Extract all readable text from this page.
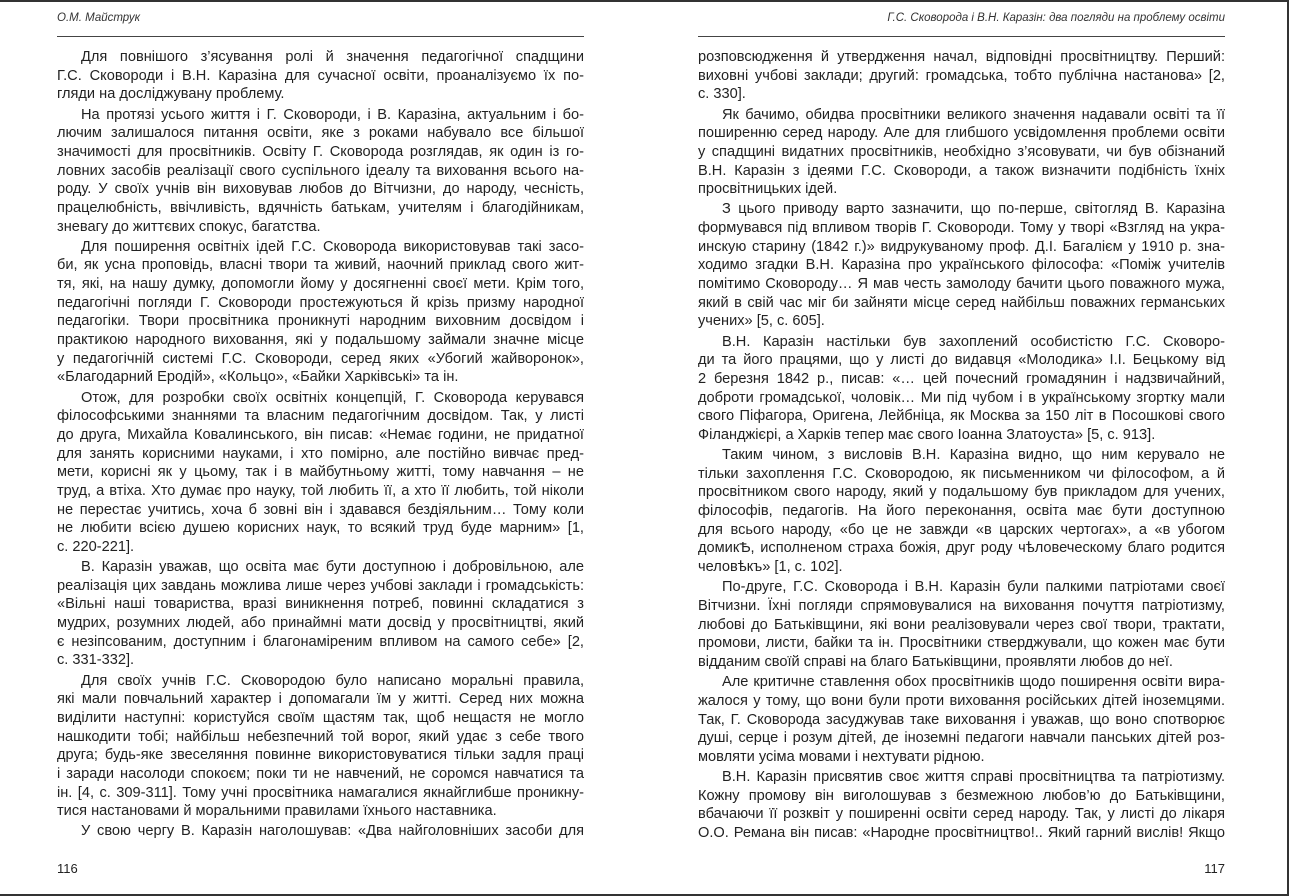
О.М. Майструк
Для повнішого з’ясування ролі й значення педагогічної спадщини
Г.С. Сковороди і В.Н. Каразіна для сучасної освіти, проаналізуємо їх по-
гляди на досліджувану проблему.
На протязі усього життя і Г. Сковороди, і В. Каразіна, актуальним і бо-
лючим залишалося питання освіти, яке з роками набувало все більшої
значимості для просвітників. Освіту Г. Сковорода розглядав, як один із го-
ловних засобів реалізації свого суспільного ідеалу та виховання всього на-
роду. У своїх учнів він виховував любов до Вітчизни, до народу, чесність,
працелюбність, ввічливість, вдячність батькам, учителям і благодійникам,
зневагу до життєвих спокус, багатства.
Для поширення освітніх ідей Г.С. Сковорода використовував такі засо-
би, як усна проповідь, власні твори та живий, наочний приклад свого жит-
тя, які, на нашу думку, допомогли йому у досягненні своєї мети. Крім того,
педагогічні погляди Г. Сковороди простежуються й крізь призму народної
педагогіки. Твори просвітника проникнуті народним виховним досвідом і
практикою народного виховання, які у подальшому займали значне місце
у педагогічній системі Г.С. Сковороди, серед яких «Убогий жайворонок»,
«Благодарний Еродій», «Кольцо», «Байки Харківські» та ін.
Отож, для розробки своїх освітніх концепцій, Г. Сковорода керувався
філософськими знаннями та власним педагогічним досвідом. Так, у листі
до друга, Михайла Ковалинського, він писав: «Немає години, не придатної
для занять корисними науками, і хто помірно, але постійно вивчає пред-
мети, корисні як у цьому, так і в майбутньому житті, тому навчання – не
труд, а втіха. Хто думає про науку, той любить її, а хто її любить, той ніколи
не перестає учитись, хоча б зовні він і здавався бездіяльним… Тому коли
не любити всією душею корисних наук, то всякий труд буде марним» [1,
с. 220-221].
В. Каразін уважав, що освіта має бути доступною і добровільною, але
реалізація цих завдань можлива лише через учбові заклади і громадськість:
«Вільні наші товариства, вразі виникнення потреб, повинні складатися з
мудрих, розумних людей, або принаймні мати досвід у просвітництві, який
є незіпсованим, доступним і благонаміреним впливом на самого себе» [2,
с. 331-332].
Для своїх учнів Г.С. Сковородою було написано моральні правила,
які мали повчальний характер і допомагали їм у житті. Серед них можна
виділити наступні: користуйся своїм щастям так, щоб нещастя не могло
нашкодити тобі; найбільш небезпечний той ворог, який удає з себе твого
друга; будь-яке звеселяння повинне використовуватися тільки задля праці
і заради насолоди спокоєм; поки ти не навчений, не соромся навчатися та
ін. [4, с. 309-311]. Тому учні просвітника намагалися якнайглибше проникну-
тися настановами й моральними правилами їхнього наставника.
У свою чергу В. Каразін наголошував: «Два найголовніших засоби для
116
Г.С. Сковорода і В.Н. Каразін: два погляди на проблему освіти
розповсюдження й утвердження начал, відповідні просвітництву. Перший:
виховні учбові заклади; другий: громадська, тобто публічна настанова» [2,
с. 330].
Як бачимо, обидва просвітники великого значення надавали освіті та її
поширенню серед народу. Але для глибшого усвідомлення проблеми освіти
у спадщині видатних просвітників, необхідно з’ясовувати, чи був обізнаний
В.Н. Каразін з ідеями Г.С. Сковороди, а також визначити подібність їхніх
просвітницьких ідей.
З цього приводу варто зазначити, що по-перше, світогляд В. Каразіна
формувався під впливом творів Г. Сковороди. Тому у творі «Взгляд на укра-
инскую старину (1842 г.)» видрукуваному проф. Д.І. Багалієм у 1910 р. зна-
ходимо згадки В.Н. Каразіна про українського філософа: «Поміж учителів
помітимо Сковороду… Я мав честь замолоду бачити цього поважного мужа,
який в свій час міг би зайняти місце серед найбільш поважних германських
учених» [5, с. 605].
В.Н. Каразін настільки був захоплений особистістю Г.С. Сковоро-
ди та його працями, що у листі до видавця «Молодика» І.І. Бецькому від
2 березня 1842 р., писав: «… цей почесний громадянин і надзвичайний,
доброти громадської, чоловік… Ми під чубом і в українському згортку мали
свого Піфагора, Оригена, Лейбніца, як Москва за 150 літ в Посошкові свого
Філанджієрі, а Харків тепер має свого Іоанна Златоуста» [5, с. 913].
Таким чином, з висловів В.Н. Каразіна видно, що ним керувало не
тільки захоплення Г.С. Сковородою, як письменником чи філософом, а й
просвітником свого народу, який у подальшому був прикладом для учених,
філософів, педагогів. На його переконання, освіта має бути доступною
для всього народу, «бо це не завжди «в царских чертогах», а «в убогом
домикѢ, исполненом страха божія, друг роду чѣловеческому благо родится
человѣкъ» [1, с. 102].
По-друге, Г.С. Сковорода і В.Н. Каразін були палкими патріотами своєї
Вітчизни. Їхні погляди спрямовувалися на виховання почуття патріотизму,
любові до Батьківщини, які вони реалізовували через свої твори, трактати,
промови, листи, байки та ін. Просвітники стверджували, що кожен має бути
відданим своїй справі на благо Батьківщини, проявляти любов до неї.
Але критичне ставлення обох просвітників щодо поширення освіти вира-
жалося у тому, що вони були проти виховання російських дітей іноземцями.
Так, Г. Сковорода засуджував таке виховання і уважав, що воно спотворює
душі, серце і розум дітей, де іноземні педагоги навчали панських дітей роз-
мовляти усіма мовами і нехтувати рідною.
В.Н. Каразін присвятив своє життя справі просвітництва та патріотизму.
Кожну промову він виголошував з безмежною любов’ю до Батьківщини,
вбачаючи її розквіт у поширенні освіти серед народу. Так, у листі до лікаря
О.О. Ремана він писав: «Народне просвітництво!.. Який гарний вислів! Якщо
117
